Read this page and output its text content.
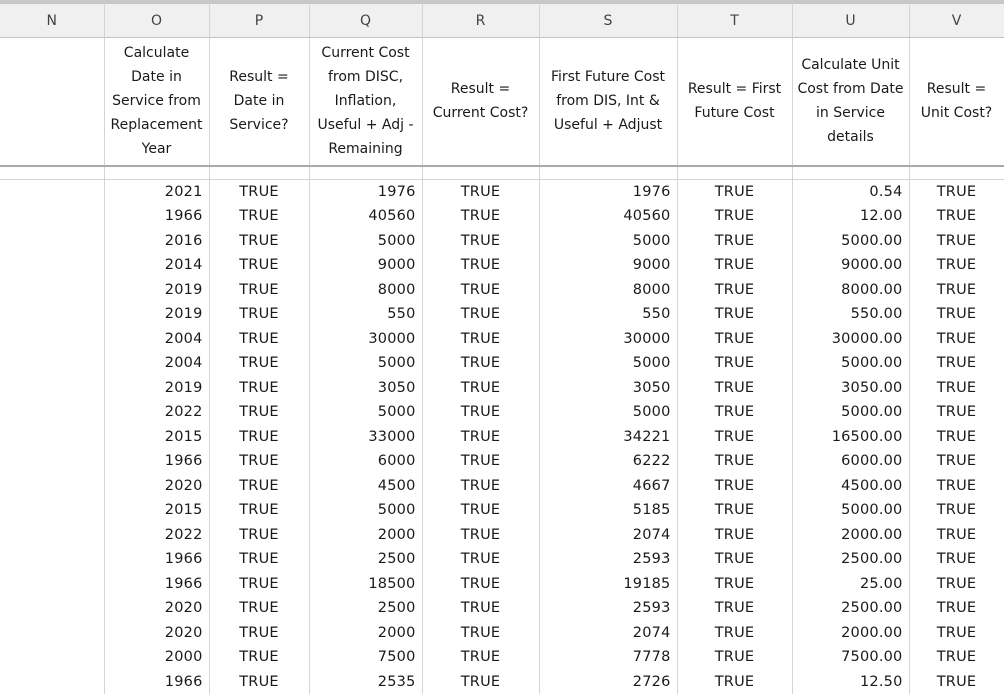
N	O	P	Q	R	S	T	U	V
	Calculate Date in Service from Replacement Year	Result = Date in Service?	Current Cost from DISC, Inflation, Useful + Adj - Remaining	Result = Current Cost?	First Future Cost from DIS, Int & Useful + Adjust	Result = First Future Cost	Calculate Unit Cost from Date in Service details	Result = Unit Cost?

	2021	TRUE	1976	TRUE	1976	TRUE	0.54	TRUE
	1966	TRUE	40560	TRUE	40560	TRUE	12.00	TRUE
	2016	TRUE	5000	TRUE	5000	TRUE	5000.00	TRUE
	2014	TRUE	9000	TRUE	9000	TRUE	9000.00	TRUE
	2019	TRUE	8000	TRUE	8000	TRUE	8000.00	TRUE
	2019	TRUE	550	TRUE	550	TRUE	550.00	TRUE
	2004	TRUE	30000	TRUE	30000	TRUE	30000.00	TRUE
	2004	TRUE	5000	TRUE	5000	TRUE	5000.00	TRUE
	2019	TRUE	3050	TRUE	3050	TRUE	3050.00	TRUE
	2022	TRUE	5000	TRUE	5000	TRUE	5000.00	TRUE
	2015	TRUE	33000	TRUE	34221	TRUE	16500.00	TRUE
	1966	TRUE	6000	TRUE	6222	TRUE	6000.00	TRUE
	2020	TRUE	4500	TRUE	4667	TRUE	4500.00	TRUE
	2015	TRUE	5000	TRUE	5185	TRUE	5000.00	TRUE
	2022	TRUE	2000	TRUE	2074	TRUE	2000.00	TRUE
	1966	TRUE	2500	TRUE	2593	TRUE	2500.00	TRUE
	1966	TRUE	18500	TRUE	19185	TRUE	25.00	TRUE
	2020	TRUE	2500	TRUE	2593	TRUE	2500.00	TRUE
	2020	TRUE	2000	TRUE	2074	TRUE	2000.00	TRUE
	2000	TRUE	7500	TRUE	7778	TRUE	7500.00	TRUE
	1966	TRUE	2535	TRUE	2726	TRUE	12.50	TRUE
